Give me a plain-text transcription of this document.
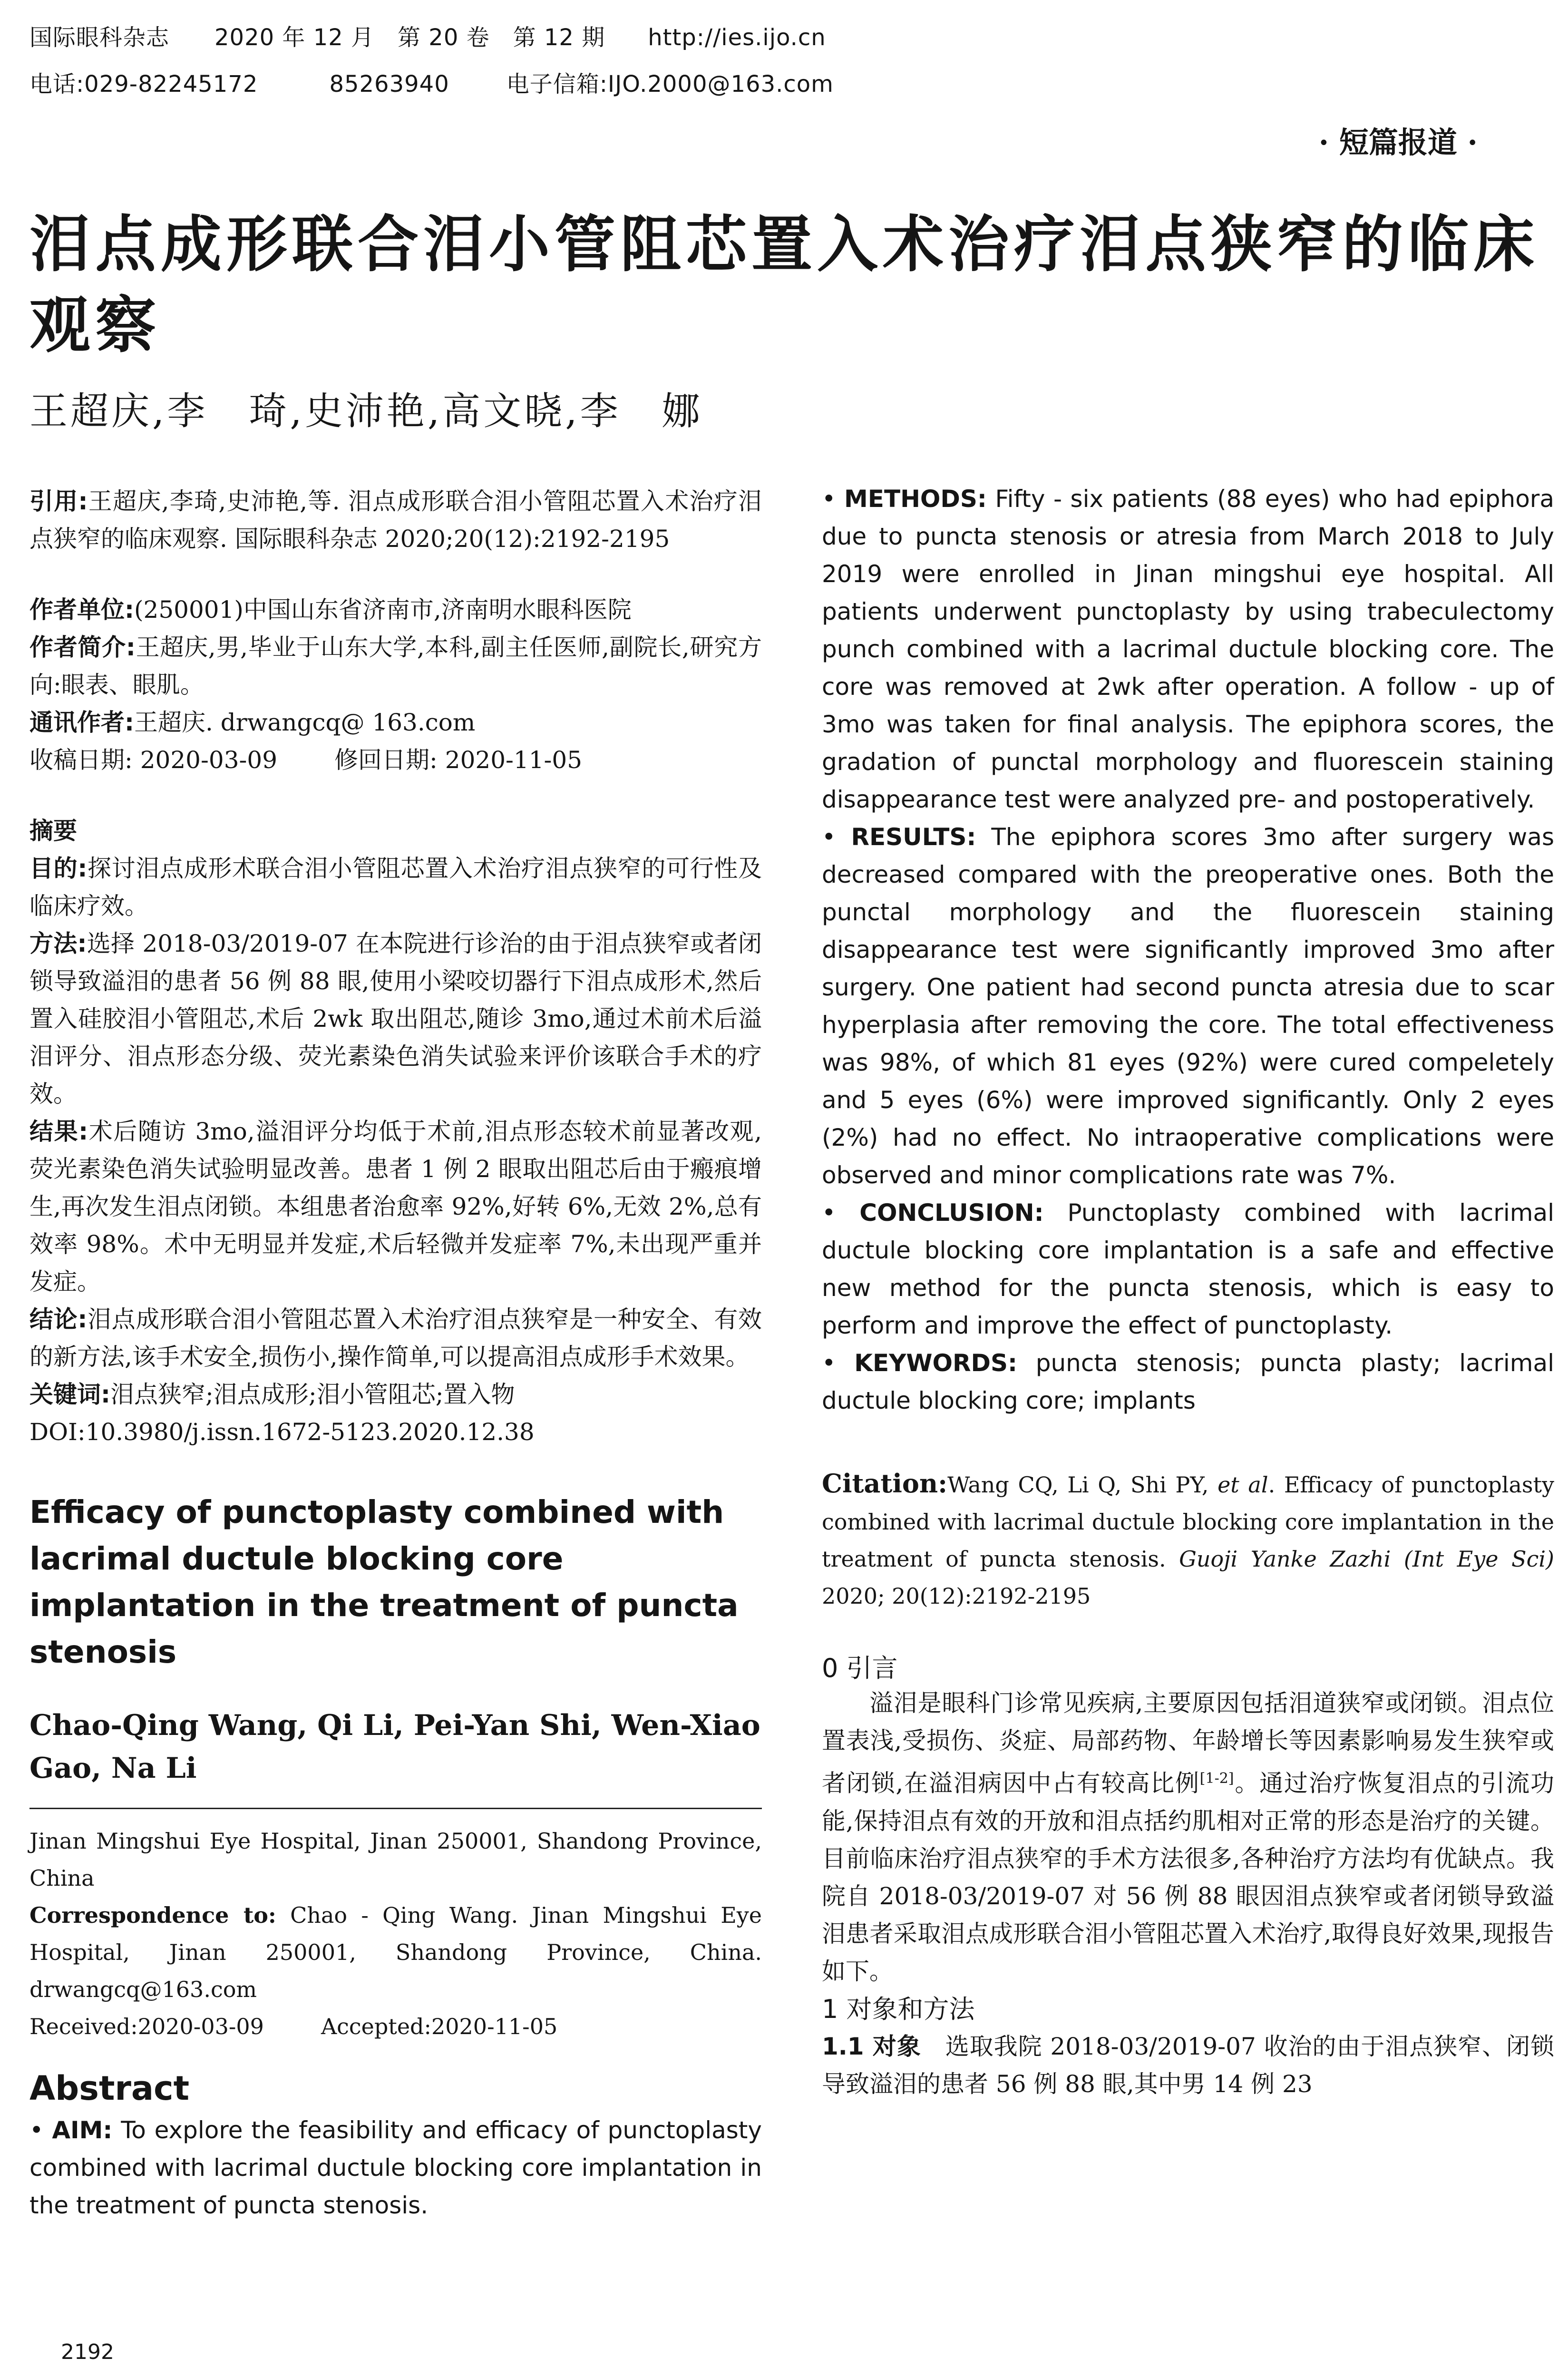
国际眼科杂志 2020 年 12 月　第 20 卷　第 12 期 http://ies.ijo.cn
电话:029-82245172	85263940	电子信箱:IJO.2000@163.com
· 短篇报道 ·
泪点成形联合泪小管阻芯置入术治疗泪点狭窄的临床观察
王超庆,李　琦,史沛艳,高文晓,李　娜
引用:王超庆,李琦,史沛艳,等. 泪点成形联合泪小管阻芯置入术治疗泪点狭窄的临床观察. 国际眼科杂志 2020;20(12):2192-2195
作者单位:(250001)中国山东省济南市,济南明水眼科医院
作者简介:王超庆,男,毕业于山东大学,本科,副主任医师,副院长,研究方向:眼表、眼肌。
通讯作者:王超庆. drwangcq@ 163.com
收稿日期: 2020-03-09 修回日期: 2020-11-05
摘要
目的:探讨泪点成形术联合泪小管阻芯置入术治疗泪点狭窄的可行性及临床疗效。
方法:选择 2018-03/2019-07 在本院进行诊治的由于泪点狭窄或者闭锁导致溢泪的患者 56 例 88 眼,使用小梁咬切器行下泪点成形术,然后置入硅胶泪小管阻芯,术后 2wk 取出阻芯,随诊 3mo,通过术前术后溢泪评分、泪点形态分级、荧光素染色消失试验来评价该联合手术的疗效。
结果:术后随访 3mo,溢泪评分均低于术前,泪点形态较术前显著改观,荧光素染色消失试验明显改善。患者 1 例 2 眼取出阻芯后由于瘢痕增生,再次发生泪点闭锁。本组患者治愈率 92%,好转 6%,无效 2%,总有效率 98%。术中无明显并发症,术后轻微并发症率 7%,未出现严重并发症。
结论:泪点成形联合泪小管阻芯置入术治疗泪点狭窄是一种安全、有效的新方法,该手术安全,损伤小,操作简单,可以提高泪点成形手术效果。
关键词:泪点狭窄;泪点成形;泪小管阻芯;置入物
DOI:10.3980/j.issn.1672-5123.2020.12.38
Efficacy of punctoplasty combined with lacrimal ductule blocking core implantation in the treatment of puncta stenosis
Chao-Qing Wang, Qi Li, Pei-Yan Shi, Wen-Xiao Gao, Na Li
Jinan Mingshui Eye Hospital, Jinan 250001, Shandong Province, China
Correspondence to: Chao - Qing Wang. Jinan Mingshui Eye Hospital, Jinan 250001, Shandong Province, China. drwangcq@163.com
Received:2020-03-09	Accepted:2020-11-05
Abstract
• AIM: To explore the feasibility and efficacy of punctoplasty combined with lacrimal ductule blocking core implantation in the treatment of puncta stenosis.
• METHODS: Fifty - six patients (88 eyes) who had epiphora due to puncta stenosis or atresia from March 2018 to July 2019 were enrolled in Jinan mingshui eye hospital. All patients underwent punctoplasty by using trabeculectomy punch combined with a lacrimal ductule blocking core. The core was removed at 2wk after operation. A follow - up of 3mo was taken for final analysis. The epiphora scores, the gradation of punctal morphology and fluorescein staining disappearance test were analyzed pre- and postoperatively.
• RESULTS: The epiphora scores 3mo after surgery was decreased compared with the preoperative ones. Both the punctal morphology and the fluorescein staining disappearance test were significantly improved 3mo after surgery. One patient had second puncta atresia due to scar hyperplasia after removing the core. The total effectiveness was 98%, of which 81 eyes (92%) were cured compeletely and 5 eyes (6%) were improved significantly. Only 2 eyes (2%) had no effect. No intraoperative complications were observed and minor complications rate was 7%.
• CONCLUSION: Punctoplasty combined with lacrimal ductule blocking core implantation is a safe and effective new method for the puncta stenosis, which is easy to perform and improve the effect of punctoplasty.
• KEYWORDS: puncta stenosis; puncta plasty; lacrimal ductule blocking core; implants
Citation:Wang CQ, Li Q, Shi PY, et al. Efficacy of punctoplasty combined with lacrimal ductule blocking core implantation in the treatment of puncta stenosis. Guoji Yanke Zazhi (Int Eye Sci) 2020; 20(12):2192-2195
0 引言
溢泪是眼科门诊常见疾病,主要原因包括泪道狭窄或闭锁。泪点位置表浅,受损伤、炎症、局部药物、年龄增长等因素影响易发生狭窄或者闭锁,在溢泪病因中占有较高比例[1-2]。通过治疗恢复泪点的引流功能,保持泪点有效的开放和泪点括约肌相对正常的形态是治疗的关键。目前临床治疗泪点狭窄的手术方法很多,各种治疗方法均有优缺点。我院自 2018-03/2019-07 对 56 例 88 眼因泪点狭窄或者闭锁导致溢泪患者采取泪点成形联合泪小管阻芯置入术治疗,取得良好效果,现报告如下。
1 对象和方法
1.1 对象 选取我院 2018-03/2019-07 收治的由于泪点狭窄、闭锁导致溢泪的患者 56 例 88 眼,其中男 14 例 23
2192
